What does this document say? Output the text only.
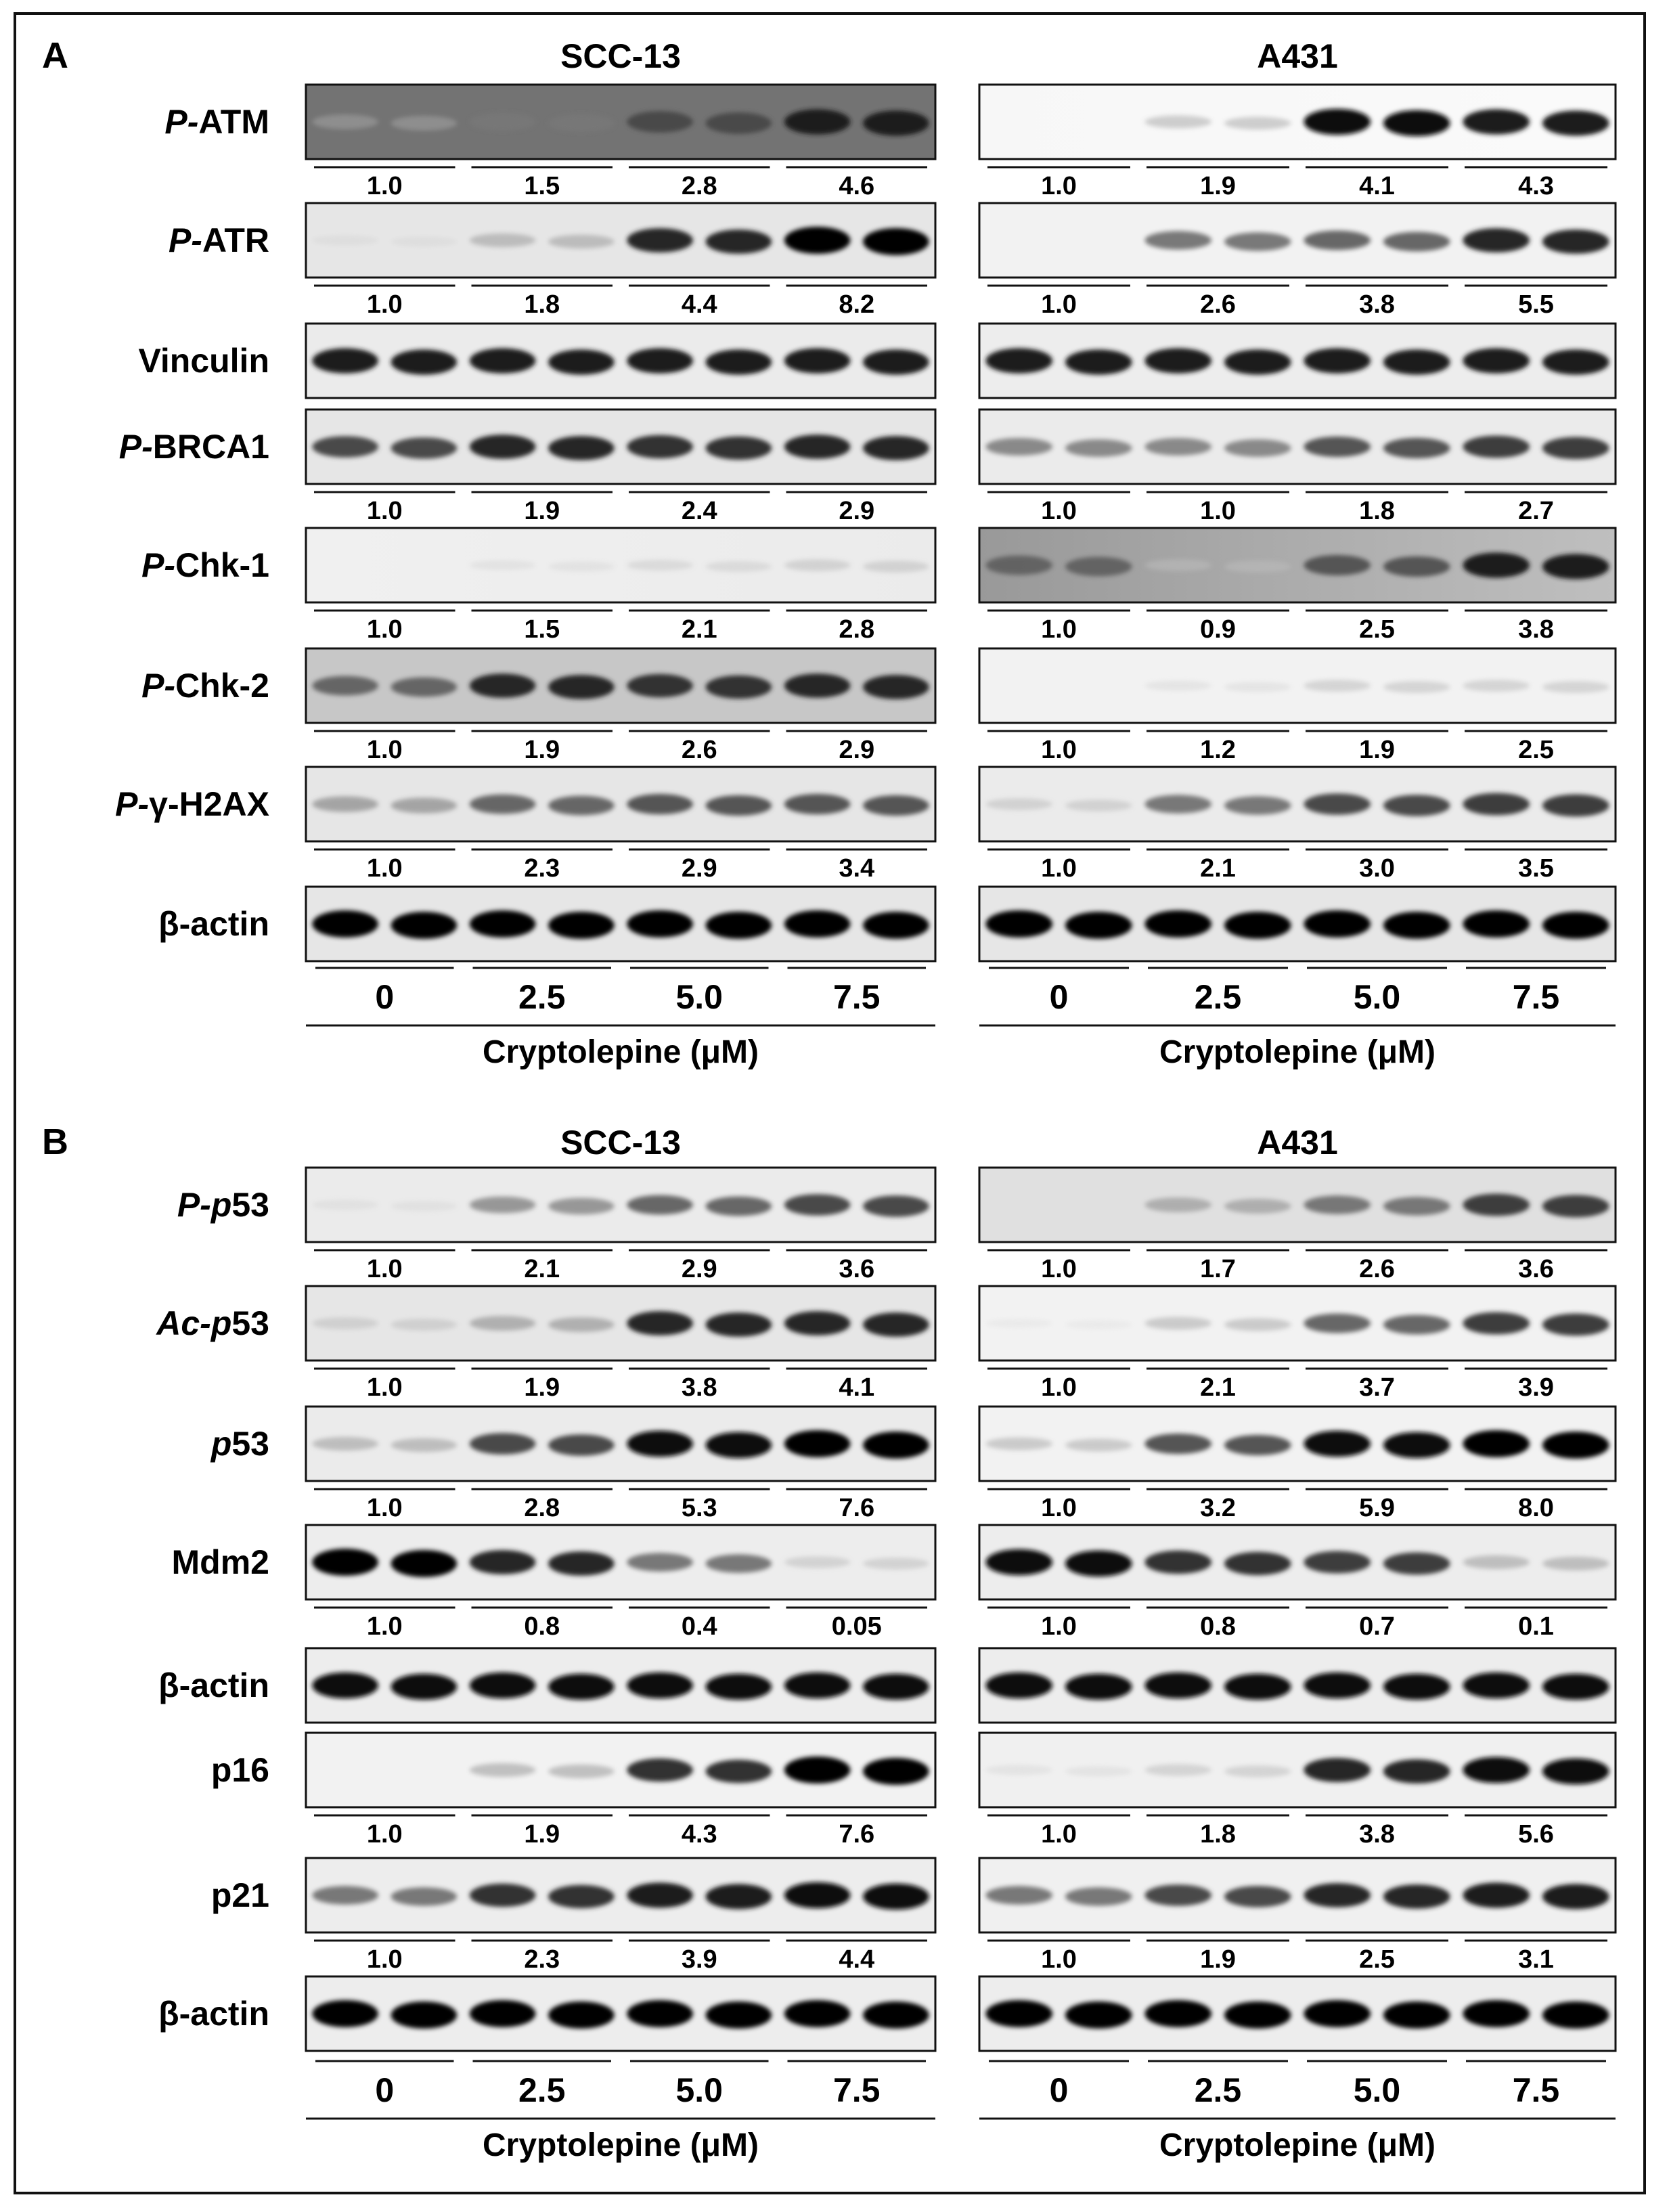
A	SCC-13	A431
P-ATM
1.0	1.5	2.8	4.6	1.0	1.9	4.1	4.3
P-ATR
1.0	1.8	4.4	8.2	1.0	2.6	3.8	5.5
Vinculin
P-BRCA1
1.0	1.9	2.4	2.9	1.0	1.0	1.8	2.7
P-Chk-1
1.0	1.5	2.1	2.8	1.0	0.9	2.5	3.8
P-Chk-2
1.0	1.9	2.6	2.9	1.0	1.2	1.9	2.5
P-γ-H2AX
1.0	2.3	2.9	3.4	1.0	2.1	3.0	3.5
β-actin
0	2.5	5.0	7.5
Cryptolepine (μM)
0	2.5	5.0	7.5
Cryptolepine (μM)
B	SCC-13	A431
P-p53
1.0	2.1	2.9	3.6	1.0	1.7	2.6	3.6
Ac-p53
1.0	1.9	3.8	4.1	1.0	2.1	3.7	3.9
p53
1.0	2.8	5.3	7.6	1.0	3.2	5.9	8.0
Mdm2
1.0	0.8	0.4	0.05	1.0	0.8	0.7	0.1
β-actin
p16
1.0	1.9	4.3	7.6	1.0	1.8	3.8	5.6
p21
1.0	2.3	3.9	4.4	1.0	1.9	2.5	3.1
β-actin
0	2.5	5.0	7.5
Cryptolepine (μM)
0	2.5	5.0	7.5
Cryptolepine (μM)
